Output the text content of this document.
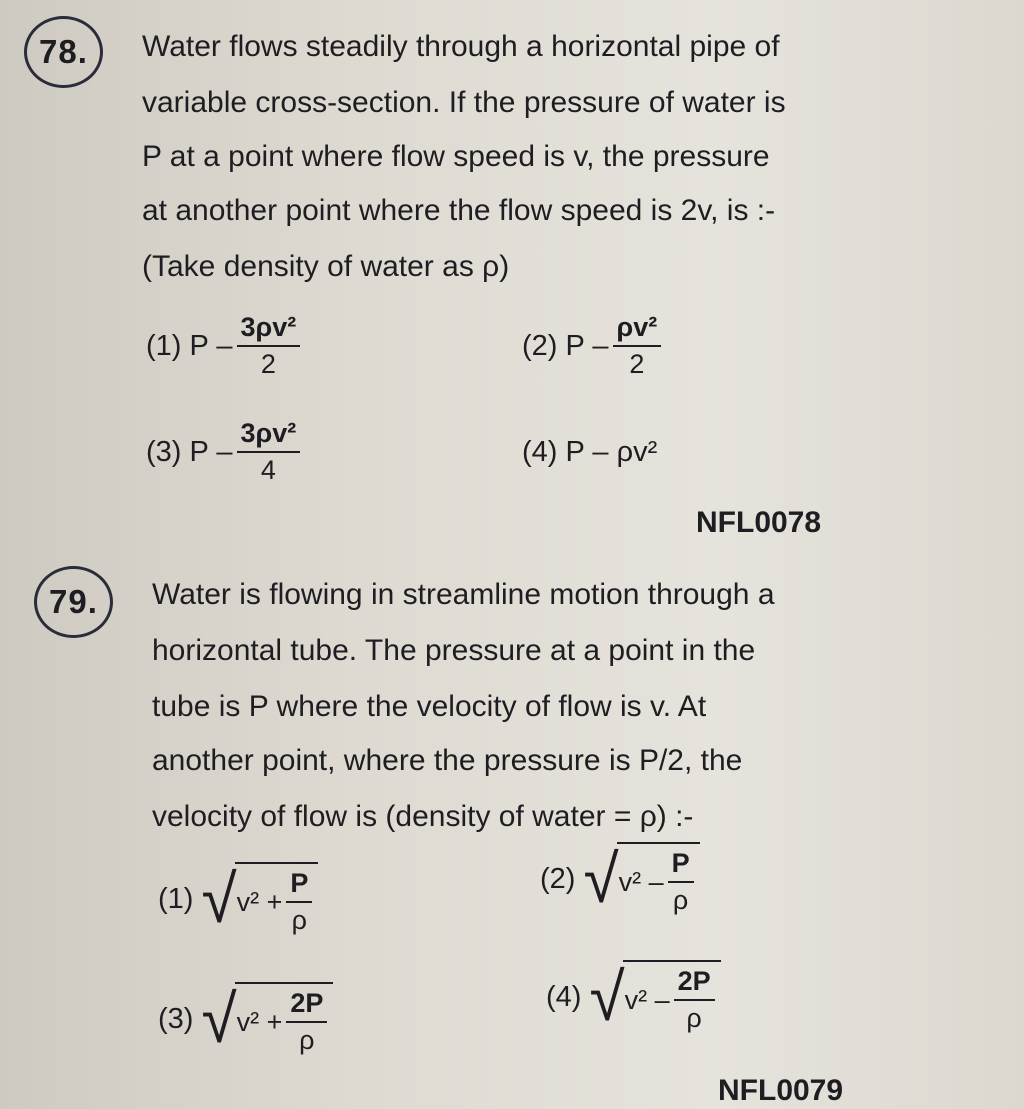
78.	Water flows steadily through a horizontal pipe of
variable cross-section. If the pressure of water is
P at a point where flow speed is v, the pressure
at another point where the flow speed is 2v, is :-
(Take density of water as ρ)
(1)
P – $\frac{\text{3ρv²}}{2}$	(2)
P – $\frac{\text{ρv²}}{2}$
(3)
P – $\frac{\text{3ρv²}}{4}$	(4)
P – ρv²
NFL0078
79.	Water is flowing in streamline motion through a
horizontal tube. The pressure at a point in the
tube is P where the velocity of flow is v. At
another point, where the pressure is P/2, the
velocity of flow is (density of water = ρ) :-
(1) √ $v^2 + \frac{P}{\rho}$	(2) √ $v^2 - \frac{P}{\rho}$
(3) √ $v^2 + \frac{2P}{\rho}$	(4) √ $v^2 - \frac{2P}{\rho}$
NFL0079
